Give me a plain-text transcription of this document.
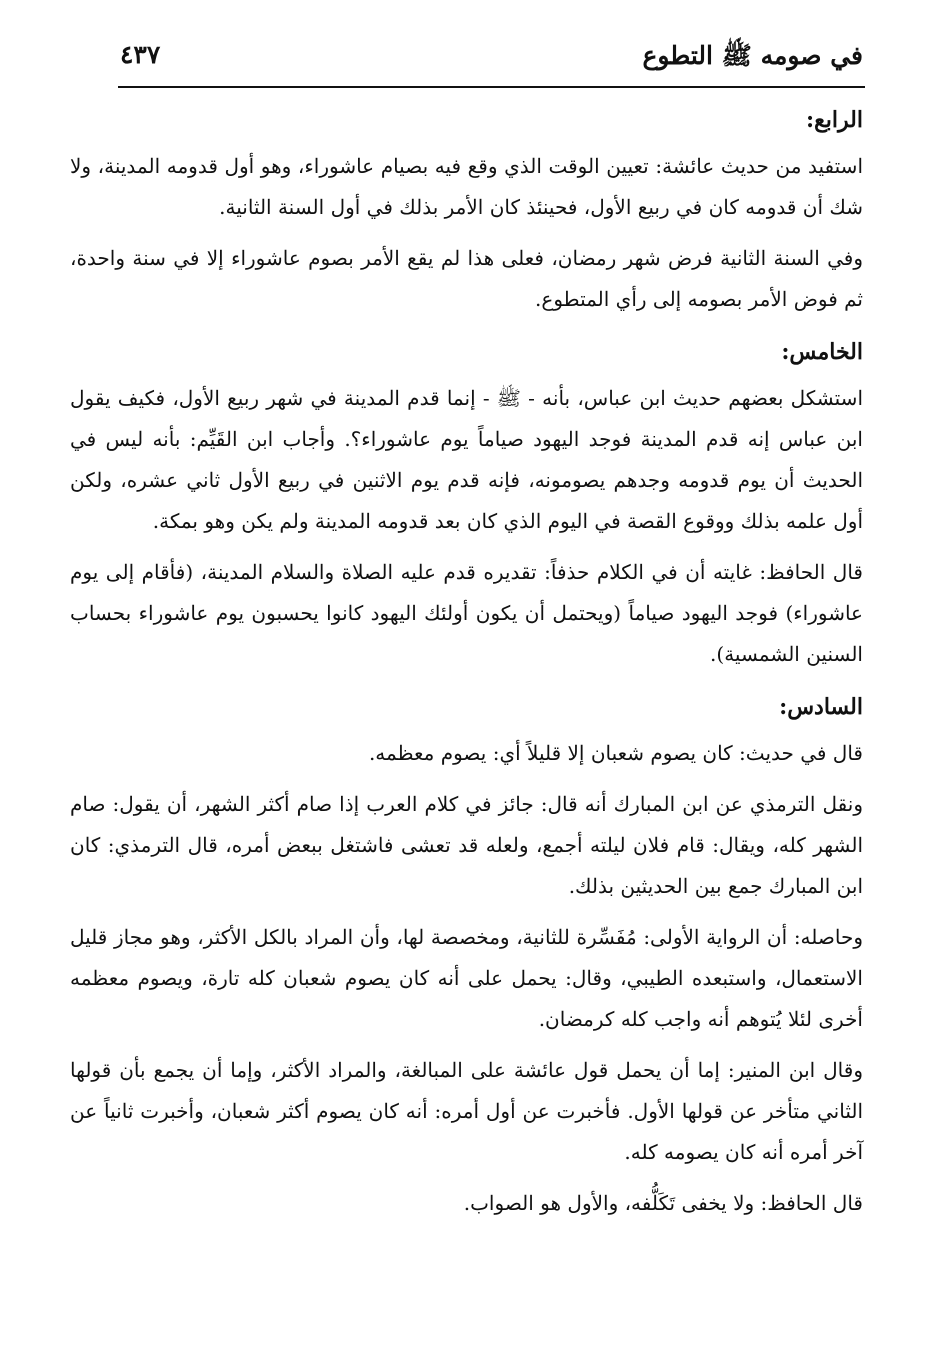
في صومه ﷺ التطوع
٤٣٧
الرابع:

استفيد من حديث عائشة: تعيين الوقت الذي وقع فيه بصيام عاشوراء، وهو أول قدومه المدينة، ولا شك أن قدومه كان في ربيع الأول، فحينئذ كان الأمر بذلك في أول السنة الثانية.

وفي السنة الثانية فرض شهر رمضان، فعلى هذا لم يقع الأمر بصوم عاشوراء إلا في سنة واحدة، ثم فوض الأمر بصومه إلى رأي المتطوع.

الخامس:

استشكل بعضهم حديث ابن عباس، بأنه - ﷺ - إنما قدم المدينة في شهر ربيع الأول، فكيف يقول ابن عباس إنه قدم المدينة فوجد اليهود صياماً يوم عاشوراء؟. وأجاب ابن القَيِّم: بأنه ليس في الحديث أن يوم قدومه وجدهم يصومونه، فإنه قدم يوم الاثنين في ربيع الأول ثاني عشره، ولكن أول علمه بذلك ووقوع القصة في اليوم الذي كان بعد قدومه المدينة ولم يكن وهو بمكة.

قال الحافظ: غايته أن في الكلام حذفاً: تقديره قدم عليه الصلاة والسلام المدينة، (فأقام إلى يوم عاشوراء) فوجد اليهود صياماً (ويحتمل أن يكون أولئك اليهود كانوا يحسبون يوم عاشوراء بحساب السنين الشمسية).

السادس:

قال في حديث: كان يصوم شعبان إلا قليلاً أي: يصوم معظمه.

ونقل الترمذي عن ابن المبارك أنه قال: جائز في كلام العرب إذا صام أكثر الشهر، أن يقول: صام الشهر كله، ويقال: قام فلان ليلته أجمع، ولعله قد تعشى فاشتغل ببعض أمره، قال الترمذي: كان ابن المبارك جمع بين الحديثين بذلك.

وحاصله: أن الرواية الأولى: مُفَسِّرة للثانية، ومخصصة لها، وأن المراد بالكل الأكثر، وهو مجاز قليل الاستعمال، واستبعده الطيبي، وقال: يحمل على أنه كان يصوم شعبان كله تارة، ويصوم معظمه أخرى لئلا يُتوهم أنه واجب كله كرمضان.

وقال ابن المنير: إما أن يحمل قول عائشة على المبالغة، والمراد الأكثر، وإما أن يجمع بأن قولها الثاني متأخر عن قولها الأول. فأخبرت عن أول أمره: أنه كان يصوم أكثر شعبان، وأخبرت ثانياً عن آخر أمره أنه كان يصومه كله.

قال الحافظ: ولا يخفى تَكَلُّفه، والأول هو الصواب.
